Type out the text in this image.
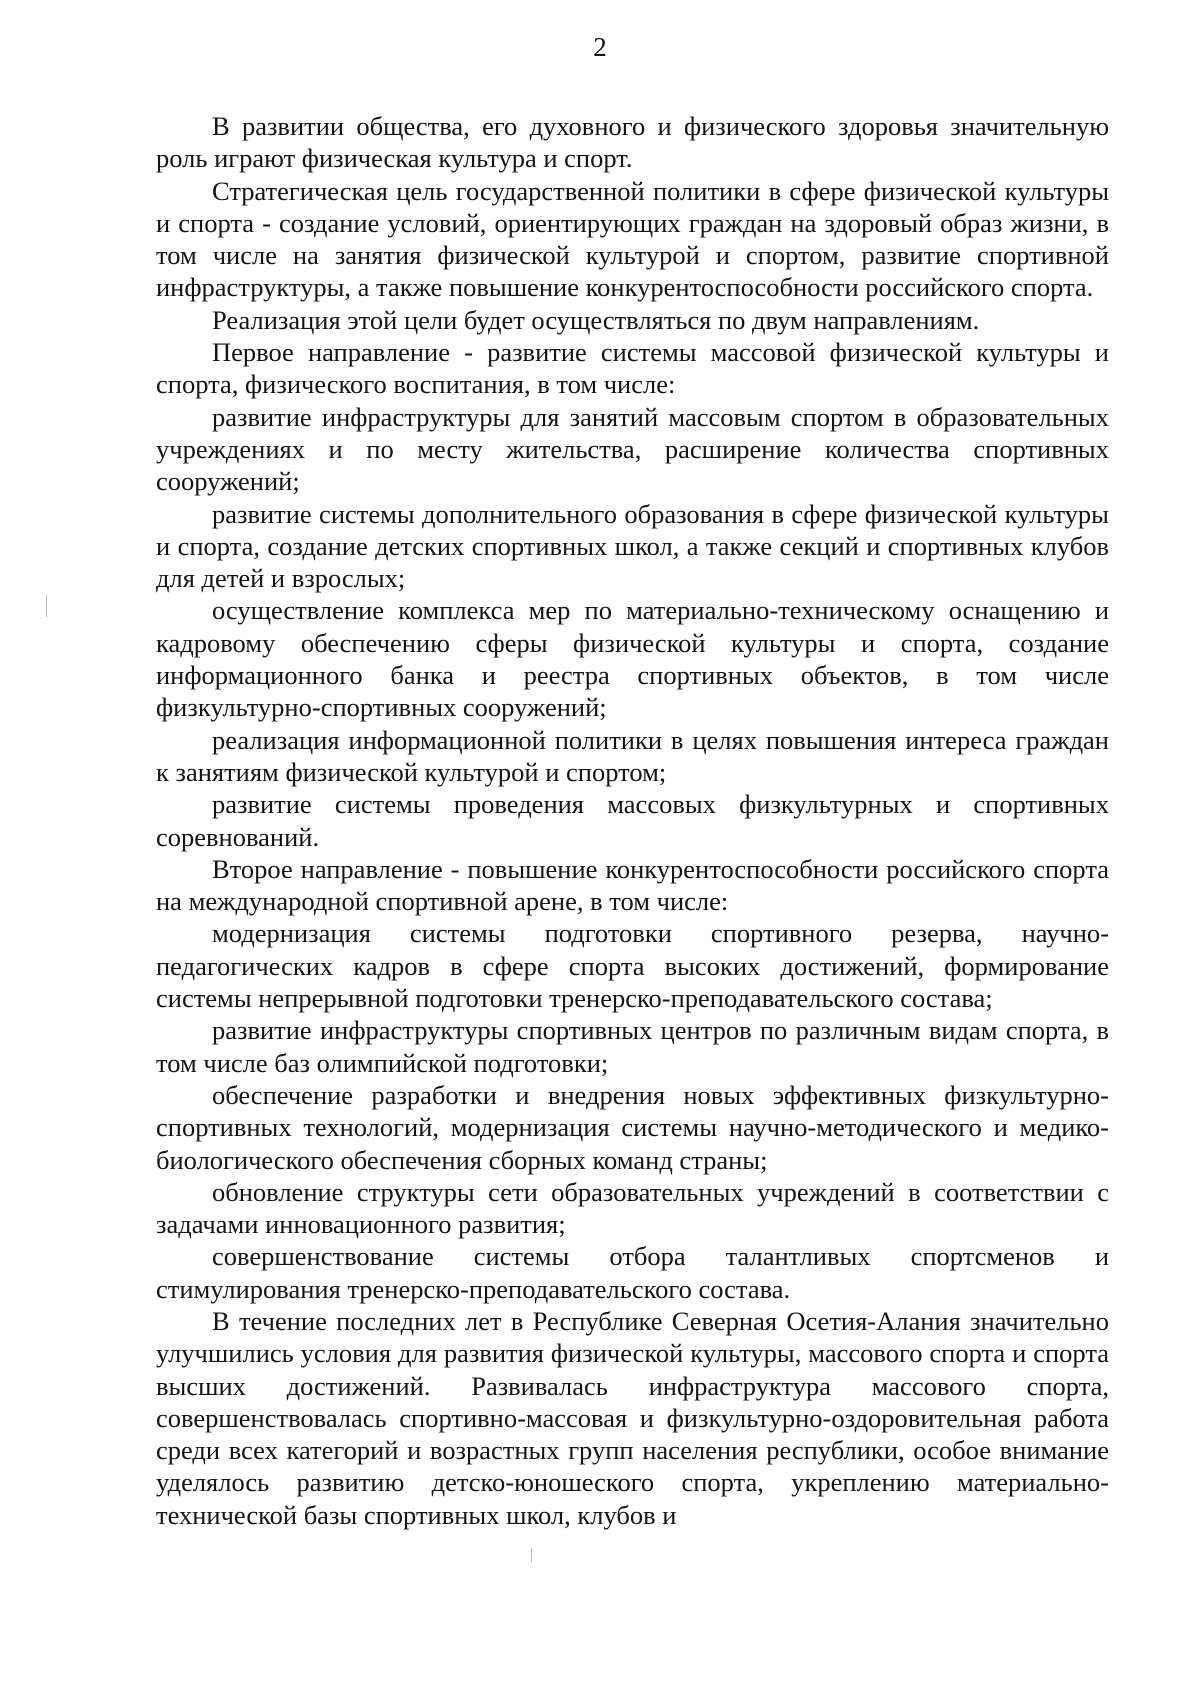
2

В развитии общества, его духовного и физического здоровья значительную роль играют физическая культура и спорт.

Стратегическая цель государственной политики в сфере физической культуры и спорта - создание условий, ориентирующих граждан на здоровый образ жизни, в том числе на занятия физической культурой и спортом, развитие спортивной инфраструктуры, а также повышение конкурентоспособности российского спорта.

Реализация этой цели будет осуществляться по двум направлениям.

Первое направление - развитие системы массовой физической культуры и спорта, физического воспитания, в том числе:

развитие инфраструктуры для занятий массовым спортом в образовательных учреждениях и по месту жительства, расширение количества спортивных сооружений;

развитие системы дополнительного образования в сфере физической культуры и спорта, создание детских спортивных школ, а также секций и спортивных клубов для детей и взрослых;

осуществление комплекса мер по материально-техническому оснащению и кадровому обеспечению сферы физической культуры и спорта, создание информационного банка и реестра спортивных объектов, в том числе физкультурно-спортивных сооружений;

реализация информационной политики в целях повышения интереса граждан к занятиям физической культурой и спортом;

развитие системы проведения массовых физкультурных и спортивных соревнований.

Второе направление - повышение конкурентоспособности российского спорта на международной спортивной арене, в том числе:

модернизация системы подготовки спортивного резерва, научно-педагогических кадров в сфере спорта высоких достижений, формирование системы непрерывной подготовки тренерско-преподавательского состава;

развитие инфраструктуры спортивных центров по различным видам спорта, в том числе баз олимпийской подготовки;

обеспечение разработки и внедрения новых эффективных физкультурно-спортивных технологий, модернизация системы научно-методического и медико-биологического обеспечения сборных команд страны;

обновление структуры сети образовательных учреждений в соответствии с задачами инновационного развития;

совершенствование системы отбора талантливых спортсменов и стимулирования тренерско-преподавательского состава.

В течение последних лет в Республике Северная Осетия-Алания значительно улучшились условия для развития физической культуры, массового спорта и спорта высших достижений. Развивалась инфраструктура массового спорта, совершенствовалась спортивно-массовая и физкультурно-оздоровительная работа среди всех категорий и возрастных групп населения республики, особое внимание уделялось развитию детско-юношеского спорта, укреплению материально-технической базы спортивных школ, клубов и
